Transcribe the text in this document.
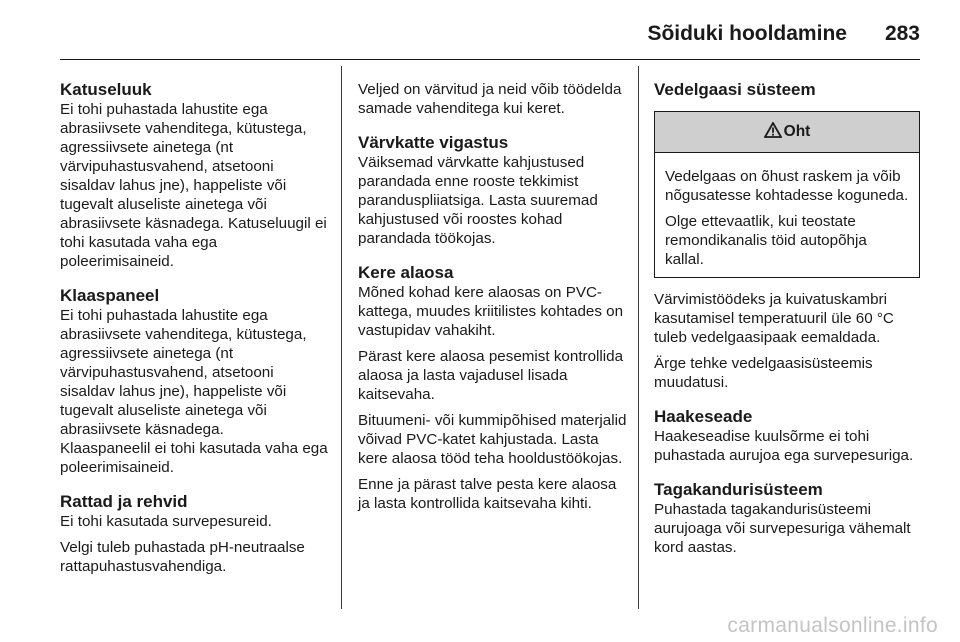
Sõiduki hooldamine 283
Katuseluuk

Ei tohi puhastada lahustite ega abrasiivsete vahenditega, kütustega, agressiivsete ainetega (nt värvipuhastusvahend, atsetooni sisaldav lahus jne), happeliste või tugevalt aluseliste ainetega või abrasiivsete käsnadega. Katuseluugil ei tohi kasutada vaha ega poleerimisaineid.

Klaaspaneel

Ei tohi puhastada lahustite ega abrasiivsete vahenditega, kütustega, agressiivsete ainetega (nt värvipuhastusvahend, atsetooni sisaldav lahus jne), happeliste või tugevalt aluseliste ainetega või abrasiivsete käsnadega.

Klaaspaneelil ei tohi kasutada vaha ega poleerimisaineid.

Rattad ja rehvid

Ei tohi kasutada survepesureid.

Velgi tuleb puhastada pH-neutraalse rattapuhastusvahendiga.

Veljed on värvitud ja neid võib töödelda samade vahenditega kui keret.

Värvkatte vigastus

Väiksemad värvkatte kahjustused parandada enne rooste tekkimist paranduspliiatsiga. Lasta suuremad kahjustused või roostes kohad parandada töökojas.

Kere alaosa

Mõned kohad kere alaosas on PVC-kattega, muudes kriitilistes kohtades on vastupidav vahakiht.

Pärast kere alaosa pesemist kontrollida alaosa ja lasta vajadusel lisada kaitsevaha.

Bituumeni- või kummipõhised materjalid võivad PVC-katet kahjustada. Lasta kere alaosa tööd teha hooldustöökojas.

Enne ja pärast talve pesta kere alaosa ja lasta kontrollida kaitsevaha kihti.

Vedelgaasi süsteem
Oht

Vedelgaas on õhust raskem ja võib nõgusatesse kohtadesse koguneda.

Olge ettevaatlik, kui teostate remondikanalis töid autopõhja kallal.

Värvimistöödeks ja kuivatuskambri kasutamisel temperatuuril üle 60 °C tuleb vedelgaasipaak eemaldada.

Ärge tehke vedelgaasisüsteemis muudatusi.

Haakeseade

Haakeseadise kuulsõrme ei tohi puhastada aurujoa ega survepesuriga.

Tagakandurisüsteem

Puhastada tagakandurisüsteemi aurujoaga või survepesuriga vähemalt kord aastas.

carmanualsonline.info
